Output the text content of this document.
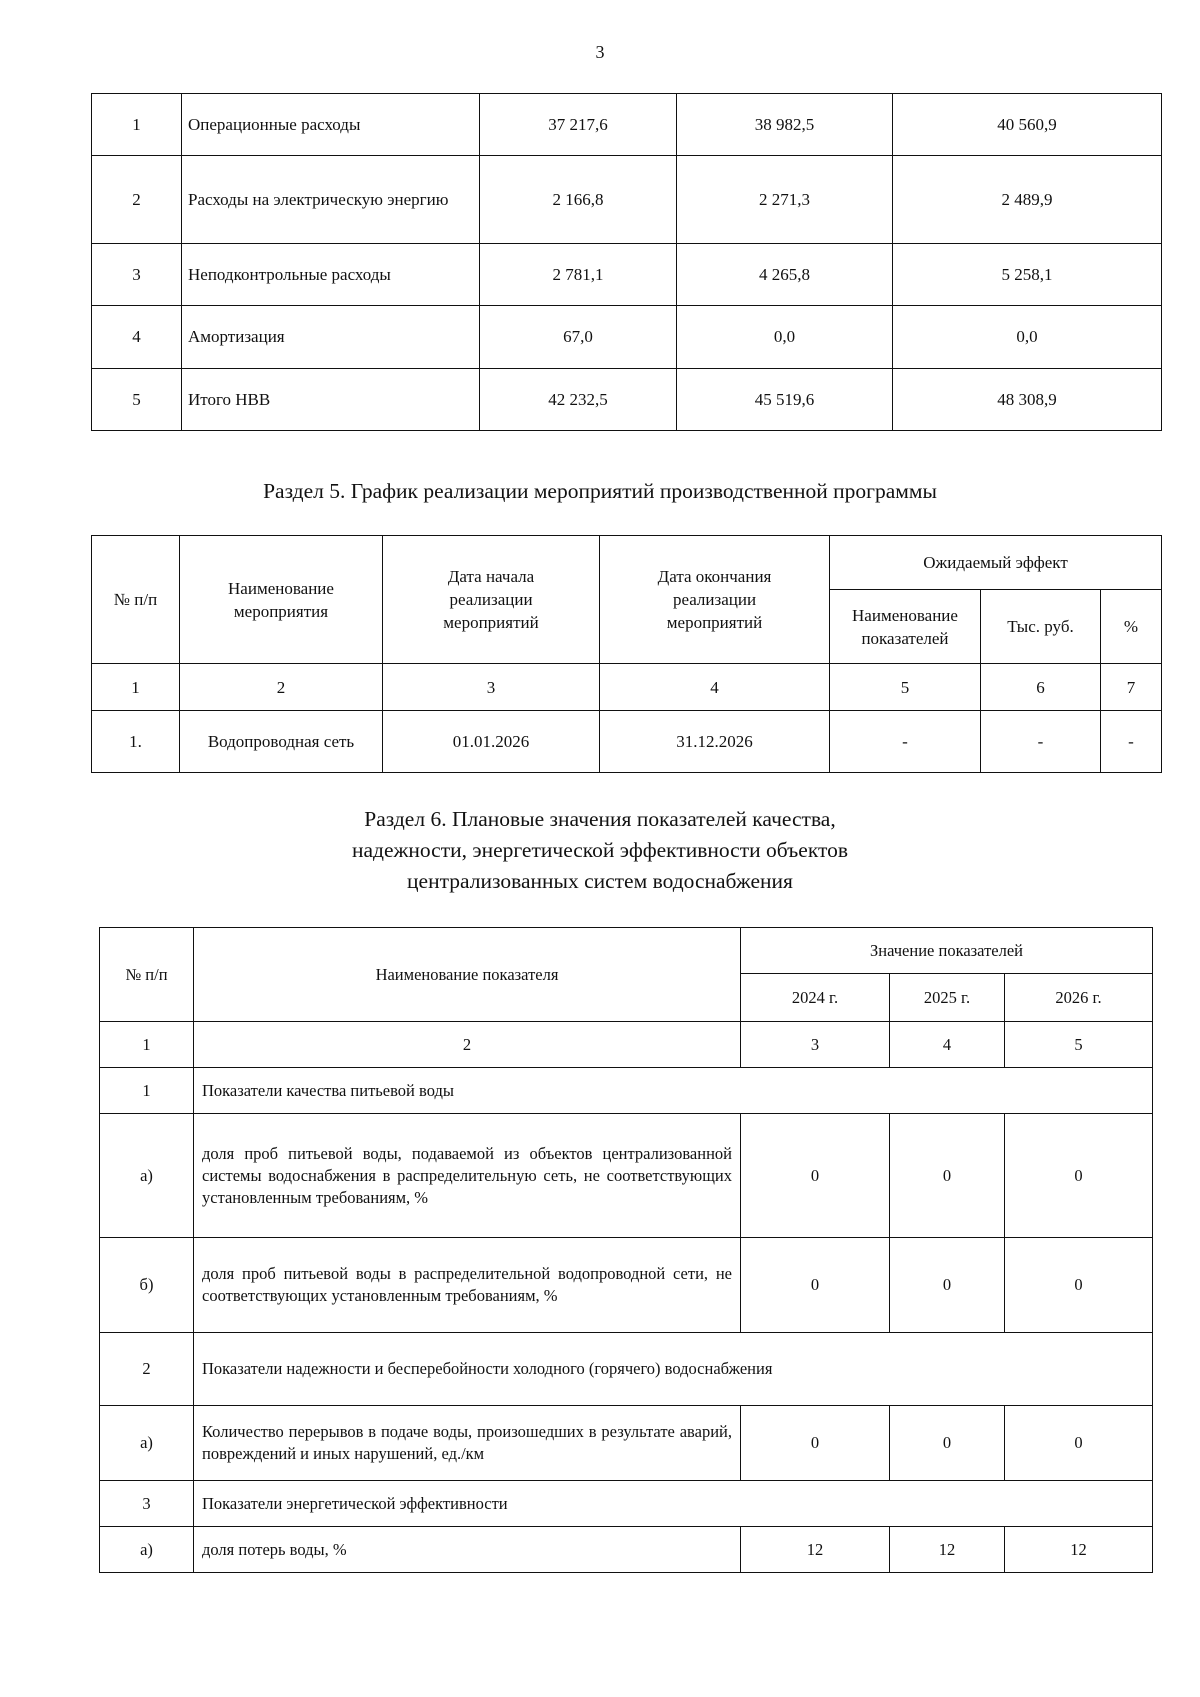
3
1	Операционные расходы	37 217,6	38 982,5	40 560,9
2	Расходы на электрическую энергию	2 166,8	2 271,3	2 489,9
3	Неподконтрольные расходы	2 781,1	4 265,8	5 258,1
4	Амортизация	67,0	0,0	0,0
5	Итого НВВ	42 232,5	45 519,6	48 308,9
Раздел 5. График реализации мероприятий производственной программы
№ п/п	Наименование мероприятия	Дата начала реализации мероприятий	Дата окончания реализации мероприятий	Ожидаемый эффект		
				Наименование показателей	Тыс. руб.	%
1	2	3	4	5	6	7
1.	Водопроводная сеть	01.01.2026	31.12.2026	-	-	-
Раздел 6. Плановые значения показателей качества,
надежности, энергетической эффективности объектов
централизованных систем водоснабжения
№ п/п	Наименование показателя	Значение показателей		
		2024 г.	2025 г.	2026 г.
1	2	3	4	5
1	Показатели качества питьевой воды			
а)	доля проб питьевой воды, подаваемой из объектов централизованной системы водоснабжения в распределительную сеть, не соответствующих установленным требованиям, %	0	0	0
б)	доля проб питьевой воды в распределительной водопроводной сети, не соответствующих установленным требованиям, %	0	0	0
2	Показатели надежности и бесперебойности холодного (горячего) водоснабжения			
а)	Количество перерывов в подаче воды, произошедших в результате аварий, повреждений и иных нарушений, ед./км	0	0	0
3	Показатели энергетической эффективности			
а)	доля потерь воды, %	12	12	12
